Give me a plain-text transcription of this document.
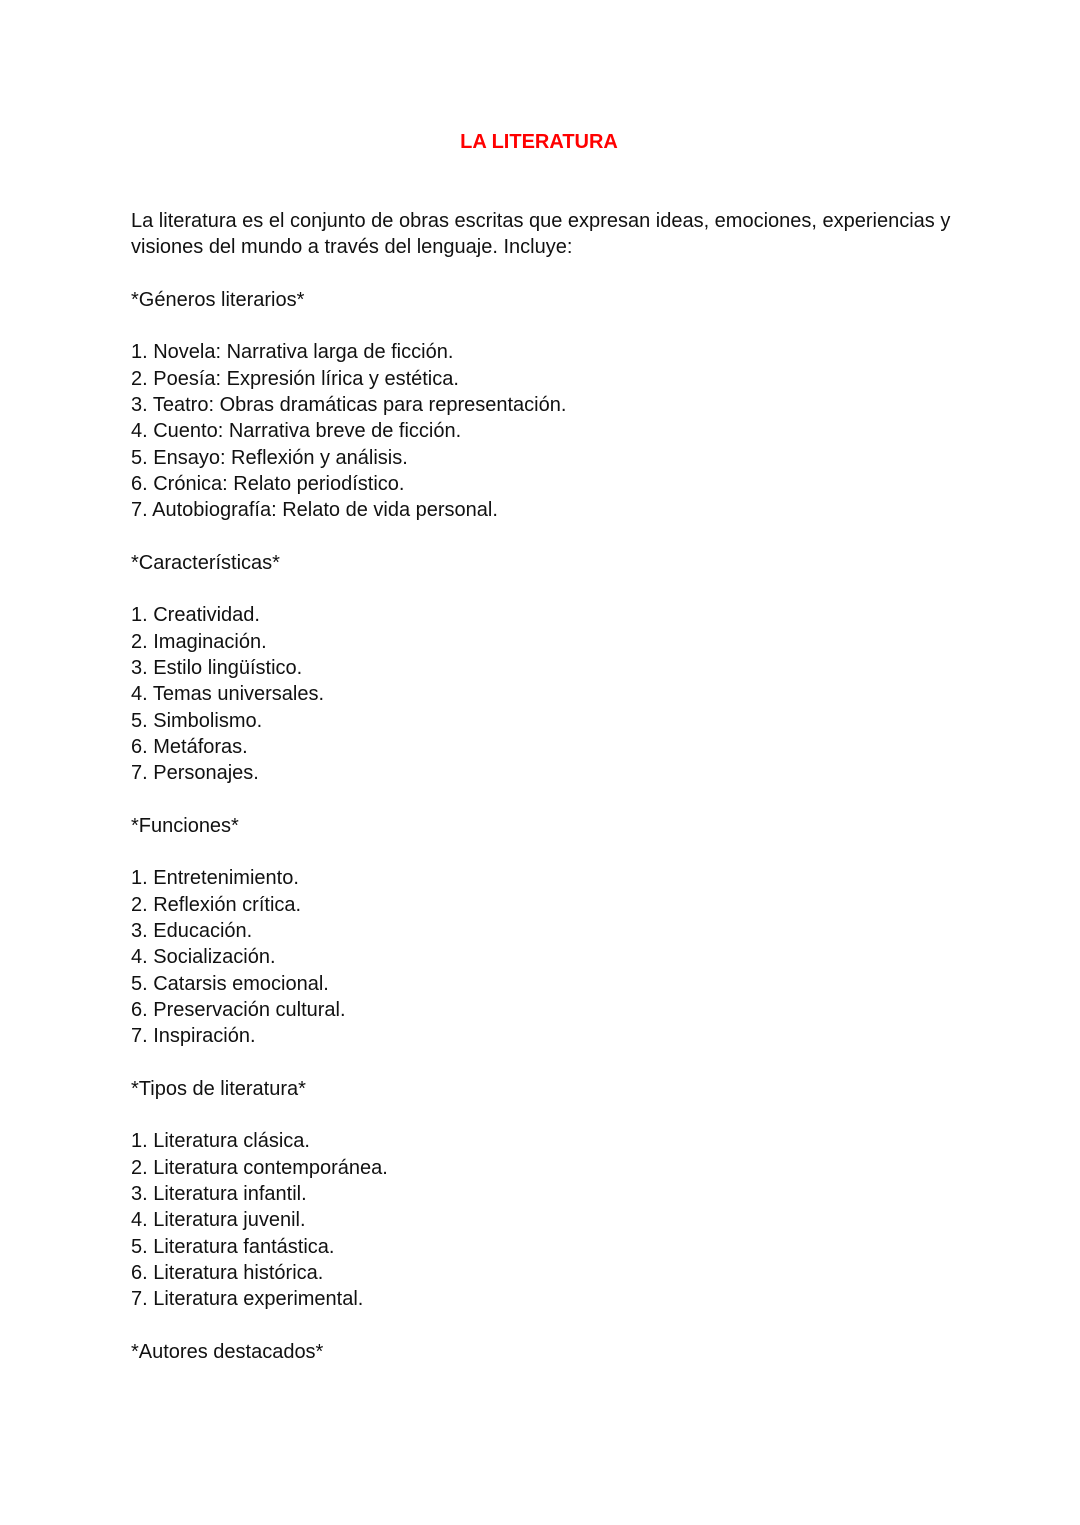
LA LITERATURA
La literatura es el conjunto de obras escritas que expresan ideas, emociones, experiencias y visiones del mundo a través del lenguaje. Incluye:
*Géneros literarios*
1. Novela: Narrativa larga de ficción.
2. Poesía: Expresión lírica y estética.
3. Teatro: Obras dramáticas para representación.
4. Cuento: Narrativa breve de ficción.
5. Ensayo: Reflexión y análisis.
6. Crónica: Relato periodístico.
7. Autobiografía: Relato de vida personal.
*Características*
1. Creatividad.
2. Imaginación.
3. Estilo lingüístico.
4. Temas universales.
5. Simbolismo.
6. Metáforas.
7. Personajes.
*Funciones*
1. Entretenimiento.
2. Reflexión crítica.
3. Educación.
4. Socialización.
5. Catarsis emocional.
6. Preservación cultural.
7. Inspiración.
*Tipos de literatura*
1. Literatura clásica.
2. Literatura contemporánea.
3. Literatura infantil.
4. Literatura juvenil.
5. Literatura fantástica.
6. Literatura histórica.
7. Literatura experimental.
*Autores destacados*
